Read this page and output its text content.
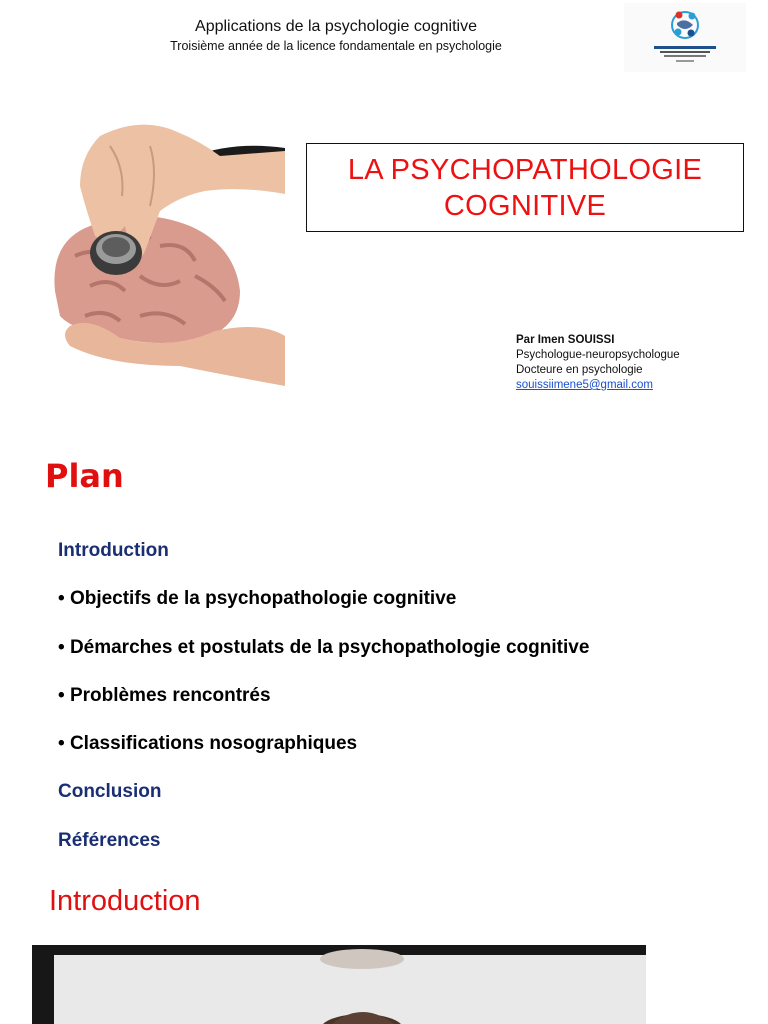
Applications de la psychologie cognitive
Troisième année de la licence fondamentale en psychologie
LA PSYCHOPATHOLOGIE
COGNITIVE
Par Imen SOUISSI
Psychologue-neuropsychologue
Docteure en psychologie
souissiimene5@gmail.com
Plan
Introduction
• Objectifs de la psychopathologie cognitive
• Démarches et postulats de la psychopathologie cognitive
• Problèmes rencontrés
• Classifications nosographiques
Conclusion
Références
Introduction
